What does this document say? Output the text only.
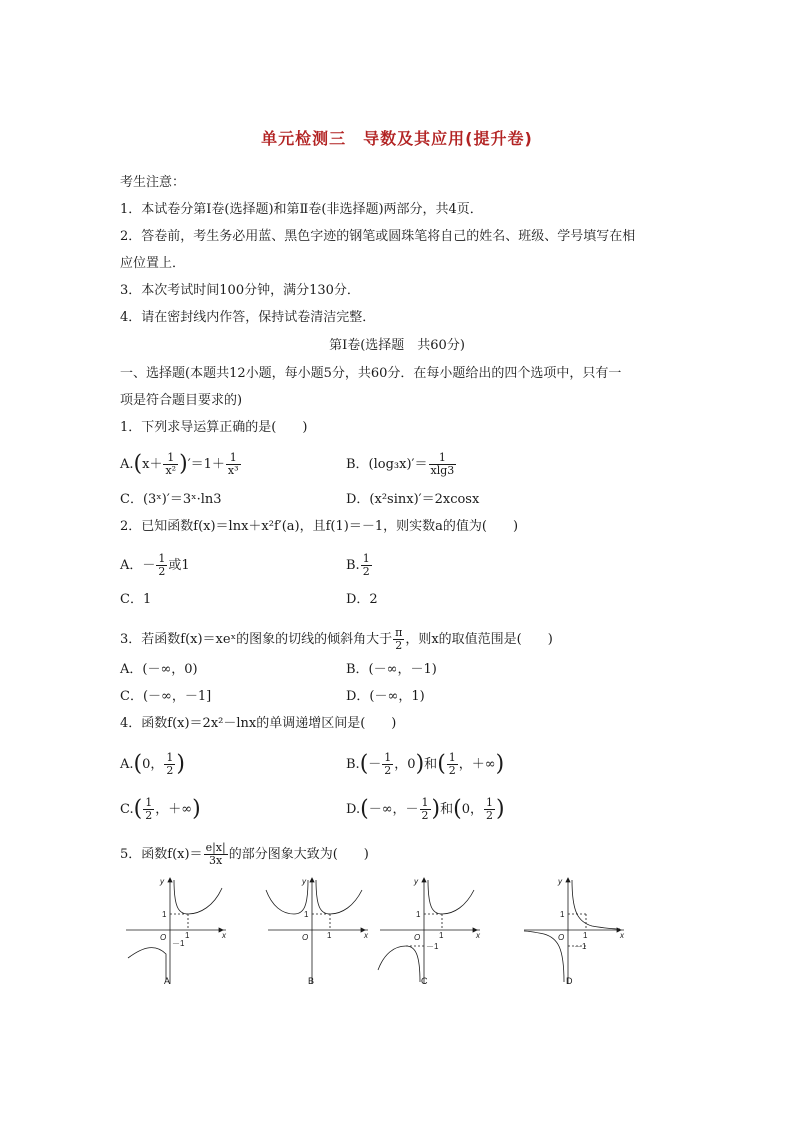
单元检测三　导数及其应用(提升卷)
考生注意：
1．本试卷分第Ⅰ卷(选择题)和第Ⅱ卷(非选择题)两部分，共4页．
2．答卷前，考生务必用蓝、黑色字迹的钢笔或圆珠笔将自己的姓名、班级、学号填写在相
应位置上．
3．本次考试时间100分钟，满分130分．
4．请在密封线内作答，保持试卷清洁完整．
第Ⅰ卷(选择题　共60分)
一、选择题(本题共12小题，每小题5分，共60分．在每小题给出的四个选项中，只有一
项是符合题目要求的)
1．下列求导运算正确的是(　　)
$A.(x+ \frac{1}{\text{x²}} )'=1+ \frac{1}{\text{x³}}$	B．$(\log_3x)'= \frac{1}{xlg3}$
C．(3ˣ)′＝3ˣ·ln3	D．(x²sinx)′＝2xcosx
2．已知函数f(x)＝lnx＋x²f′(a)，且f(1)＝－1，则实数a的值为(　　)
A．－ $\frac{1}{2}$ 或1	B. $\frac{1}{2}$
C．1	D．2
3．若函数f(x)＝xeˣ的图象的切线的倾斜角大于 $\frac{\pi}{2}$ ，则x的取值范围是(　　)
A．(－∞，0)	B．(－∞，－1)
C．(－∞，－1]	D．(－∞，1)
4．函数f(x)＝2x²－lnx的单调递增区间是(　　)
A.(0， $\frac{1}{2}$ )	$B.(- \frac{1}{2}$ ，0)和( $\frac{1}{2}$ ，＋∞)
$C.( \frac{1}{2}$ ，＋∞)	D.(－∞，－ $\frac{1}{2}$ )和(0， $\frac{1}{2}$ )
5．函数$f(x)= \frac{e|x|}{3x}$ 的部分图象大致为(　　)
y
x
O
1
1
－1
y
x
O
1
1
y
x
O
1
1
－1
y
x
O
1
1
－1
A	B	C	D
